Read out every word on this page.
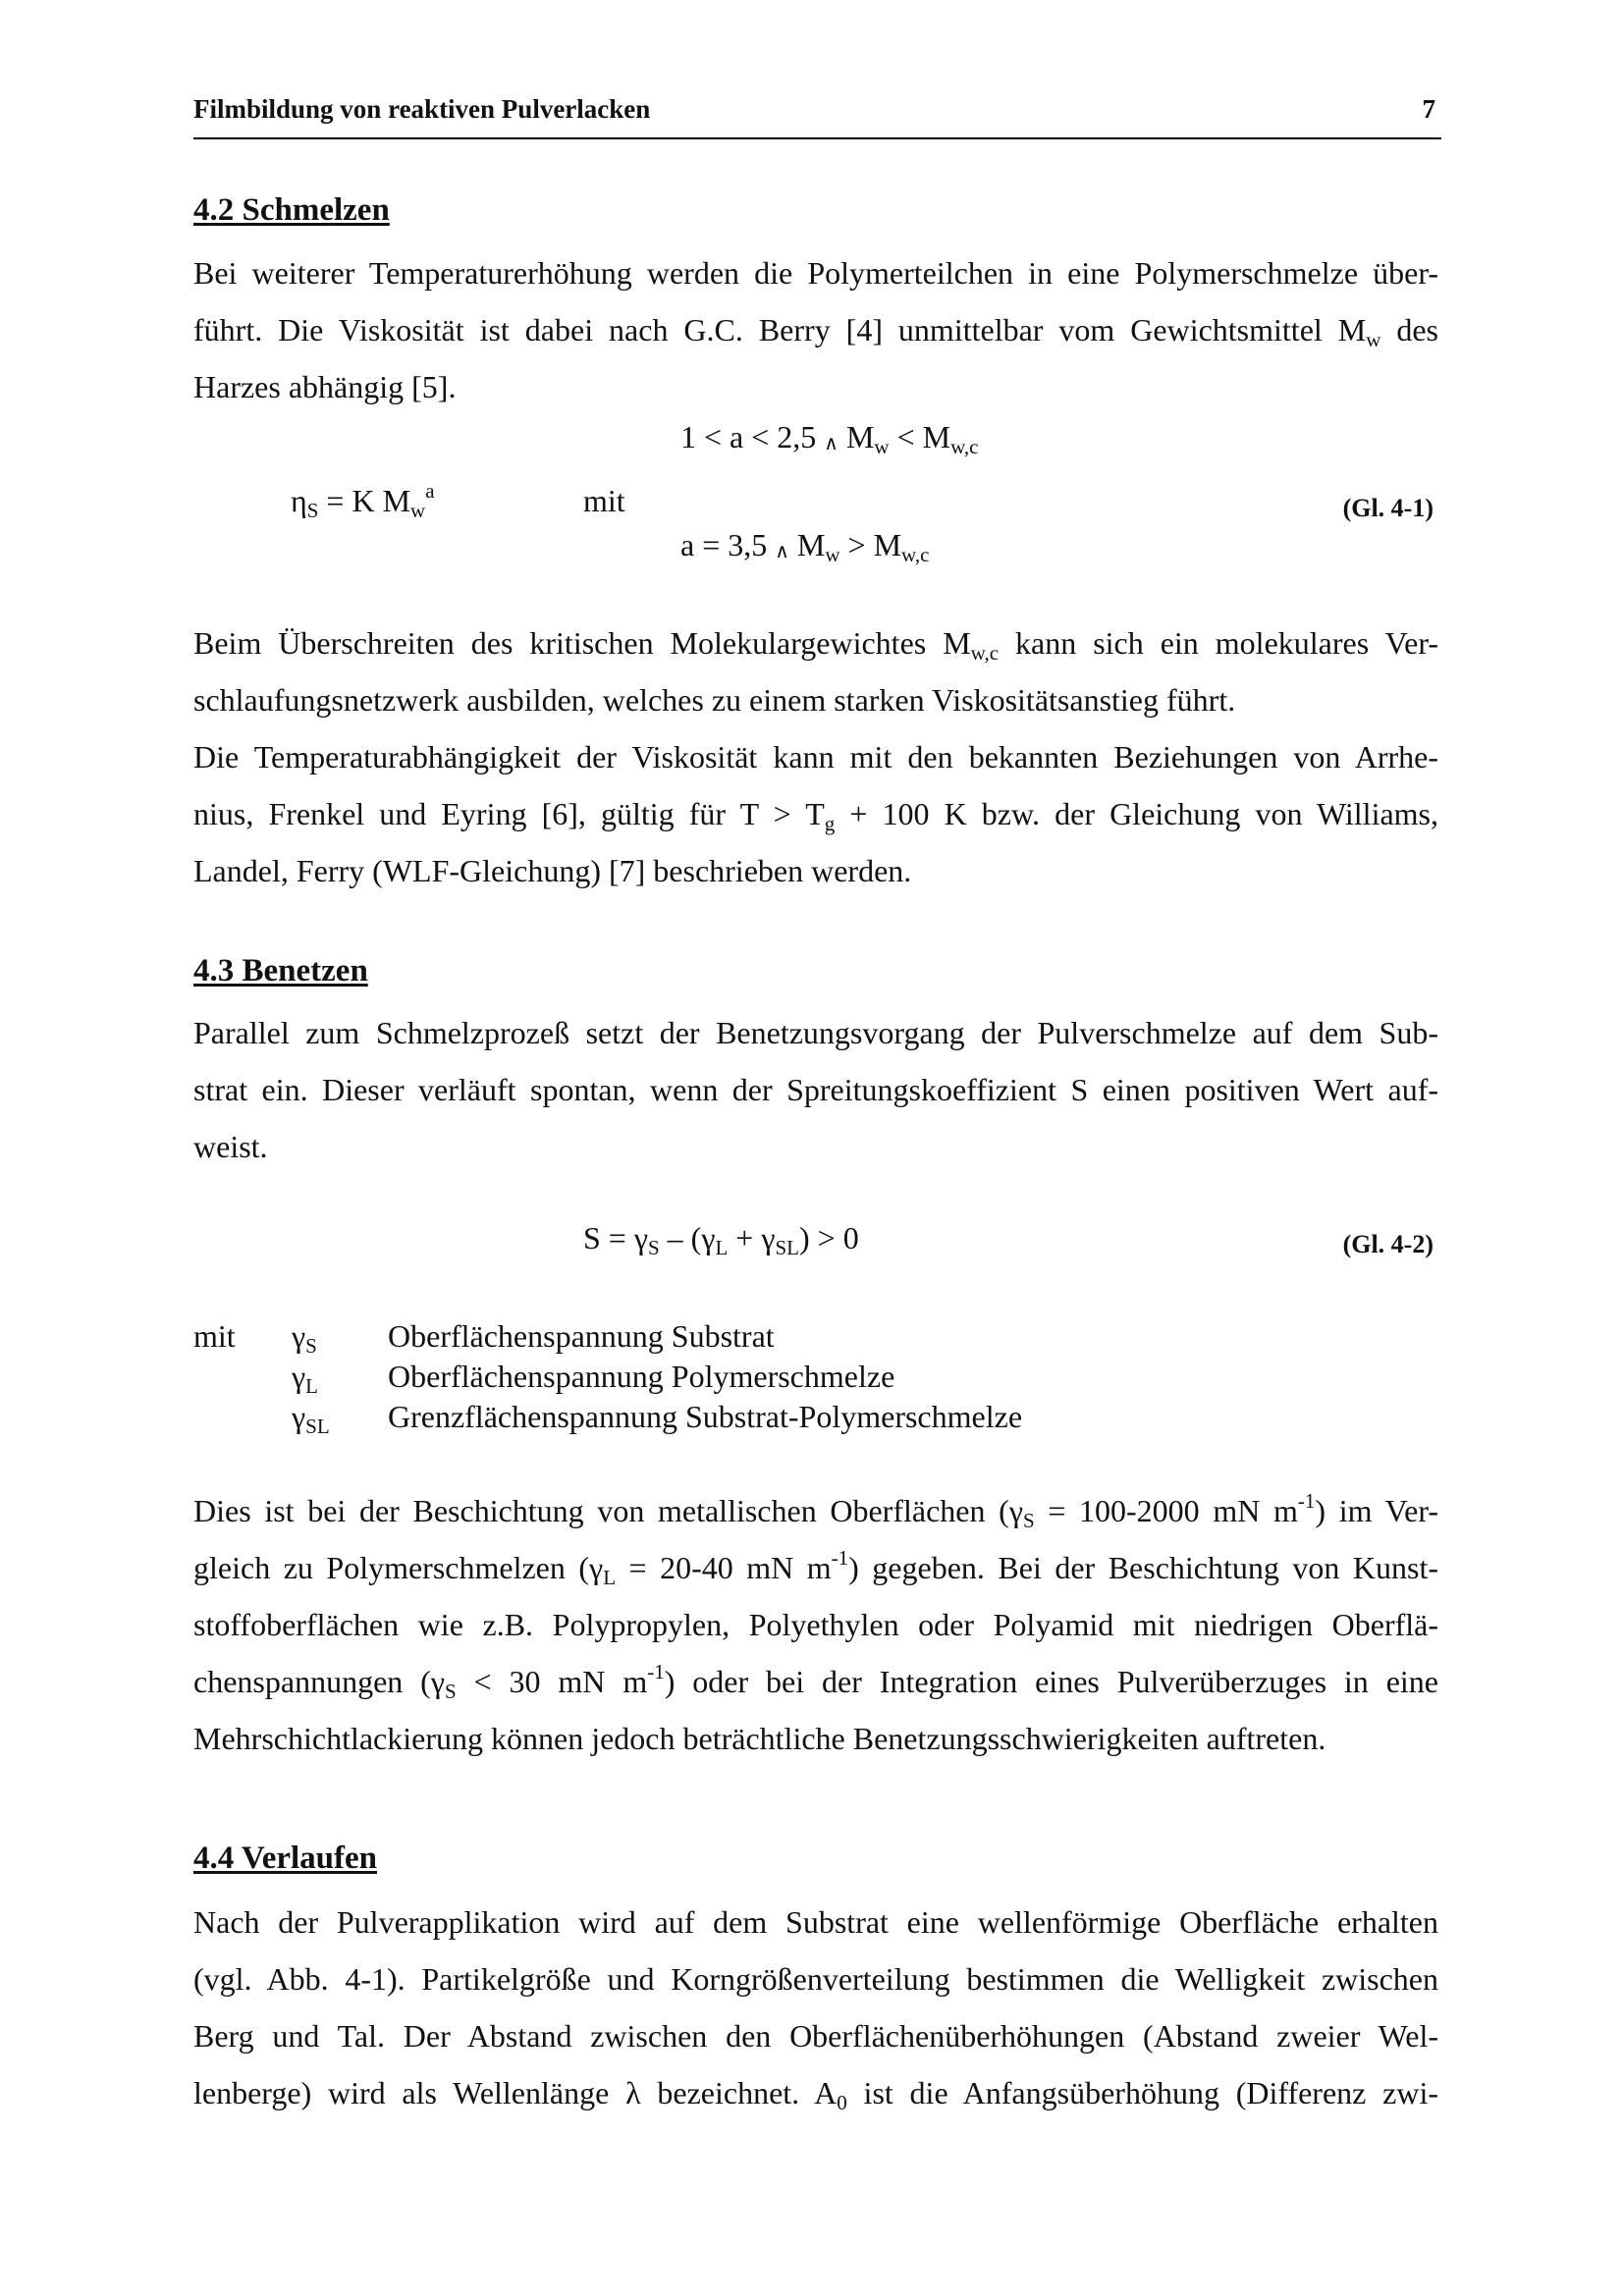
Filmbildung von reaktiven Pulverlacken	7
4.2 Schmelzen
Bei weiterer Temperaturerhöhung werden die Polymerteilchen in eine Polymerschmelze über-
führt. Die Viskosität ist dabei nach G.C. Berry [4] unmittelbar vom Gewichtsmittel $M_w$ des
Harzes abhängig [5].
$\eta_S = K$ $M_w^a$	mit
1 < a < 2,5 ∧ $M_w < M_{w,c}$
a = 3,5 ∧ $M_w > M_{w,c}$
(Gl. 4-1)
Beim Überschreiten des kritischen Molekulargewichtes $M_{w,c}$ kann sich ein molekulares Ver-
schlaufungsnetzwerk ausbilden, welches zu einem starken Viskositätsanstieg führt.
Die Temperaturabhängigkeit der Viskosität kann mit den bekannten Beziehungen von Arrhe-
nius, Frenkel und Eyring [6], gültig für $T > T_g + 100$ K bzw. der Gleichung von Williams,
Landel, Ferry (WLF-Gleichung) [7] beschrieben werden.
4.3 Benetzen
Parallel zum Schmelzprozeß setzt der Benetzungsvorgang der Pulverschmelze auf dem Sub-
strat ein. Dieser verläuft spontan, wenn der Spreitungskoeffizient S einen positiven Wert auf-
weist.
$S = \gamma_S - (\gamma_L + \gamma_{SL}) > 0$	(Gl. 4-2)
mit $\gamma_S$ Oberflächenspannung Substrat
$\gamma_L$ Oberflächenspannung Polymerschmelze
$\gamma_{SL}$ Grenzflächenspannung Substrat-Polymerschmelze
Dies ist bei der Beschichtung von metallischen Oberflächen ($\gamma_S = 100-2000$ mN $m^{-1}$) im Ver-
gleich zu Polymerschmelzen ($\gamma_L = 20-40$ mN $m^{-1}$) gegeben. Bei der Beschichtung von Kunst-
stoffoberflächen wie z.B. Polypropylen, Polyethylen oder Polyamid mit niedrigen Oberflä-
chenspannungen ($\gamma_S < 30$ mN $m^{-1}$) oder bei der Integration eines Pulverüberzuges in eine
Mehrschichtlackierung können jedoch beträchtliche Benetzungsschwierigkeiten auftreten.
4.4 Verlaufen
Nach der Pulverapplikation wird auf dem Substrat eine wellenförmige Oberfläche erhalten
(vgl. Abb. 4-1). Partikelgröße und Korngrößenverteilung bestimmen die Welligkeit zwischen
Berg und Tal. Der Abstand zwischen den Oberflächenüberhöhungen (Abstand zweier Wel-
lenberge) wird als Wellenlänge λ bezeichnet. $A_0$ ist die Anfangsüberhöhung (Differenz zwi-
